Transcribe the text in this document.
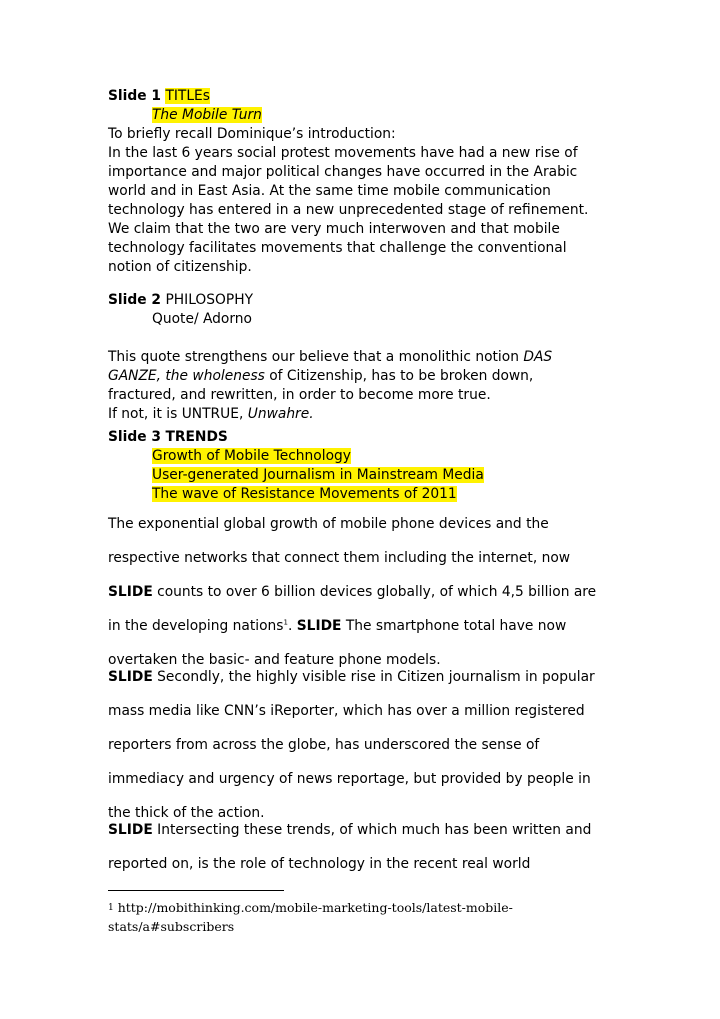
Slide 1 TITLEs
The Mobile Turn
To briefly recall Dominique’s introduction:
In the last 6 years social protest movements have had a new rise of
importance and major political changes have occurred in the Arabic
world and in East Asia. At the same time mobile communication
technology has entered in a new unprecedented stage of refinement.
We claim that the two are very much interwoven and that mobile
technology facilitates movements that challenge the conventional
notion of citizenship.
Slide 2 PHILOSOPHY
Quote/ Adorno
This quote strengthens our believe that a monolithic notion DAS
GANZE, the wholeness of Citizenship, has to be broken down,
fractured, and rewritten, in order to become more true.
If not, it is UNTRUE, Unwahre.
Slide 3 TRENDS
Growth of Mobile Technology
User-generated Journalism in Mainstream Media
The wave of Resistance Movements of 2011
The exponential global growth of mobile phone devices and the
respective networks that connect them including the internet, now
SLIDE counts to over 6 billion devices globally, of which 4,5 billion are
in the developing nations$^1$. SLIDE The smartphone total have now
overtaken the basic- and feature phone models.
SLIDE Secondly, the highly visible rise in Citizen journalism in popular
mass media like CNN’s iReporter, which has over a million registered
reporters from across the globe, has underscored the sense of
immediacy and urgency of news reportage, but provided by people in
the thick of the action.
SLIDE Intersecting these trends, of which much has been written and
reported on, is the role of technology in the recent real world
$^1$ http://mobithinking.com/mobile-marketing-tools/latest-mobile-
stats/a#subscribers
